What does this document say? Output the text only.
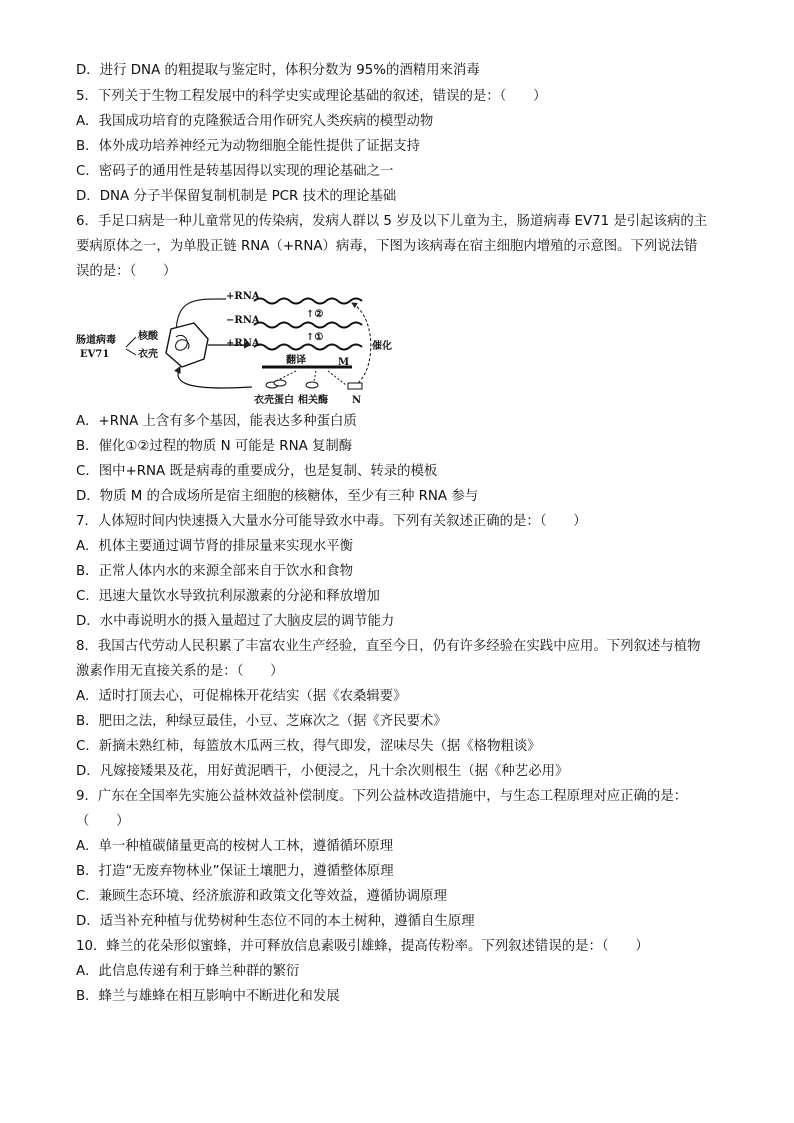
D．进行 DNA 的粗提取与鉴定时，体积分数为 95%的酒精用来消毒
5．下列关于生物工程发展中的科学史实或理论基础的叙述，错误的是：（　　）
A．我国成功培育的克隆猴适合用作研究人类疾病的模型动物
B．体外成功培养神经元为动物细胞全能性提供了证据支持
C．密码子的通用性是转基因得以实现的理论基础之一
D．DNA 分子半保留复制机制是 PCR 技术的理论基础
6．手足口病是一种儿童常见的传染病，发病人群以 5 岁及以下儿童为主，肠道病毒 EV71 是引起该病的主
要病原体之一，为单股正链 RNA（+RNA）病毒，下图为该病毒在宿主细胞内增殖的示意图。下列说法错
误的是：（　　）
+RNA
−RNA
+RNA
↑②
↑①
肠道病毒
EV71
核酸
衣壳
翻译	M
N
催化
衣壳蛋白 相关酶
A．+RNA 上含有多个基因，能表达多种蛋白质
B．催化①②过程的物质 N 可能是 RNA 复制酶
C．图中+RNA 既是病毒的重要成分，也是复制、转录的模板
D．物质 M 的合成场所是宿主细胞的核糖体，至少有三种 RNA 参与
7．人体短时间内快速摄入大量水分可能导致水中毒。下列有关叙述正确的是：（　　）
A．机体主要通过调节肾的排尿量来实现水平衡
B．正常人体内水的来源全部来自于饮水和食物
C．迅速大量饮水导致抗利尿激素的分泌和释放增加
D．水中毒说明水的摄入量超过了大脑皮层的调节能力
8．我国古代劳动人民积累了丰富农业生产经验，直至今日，仍有许多经验在实践中应用。下列叙述与植物
激素作用无直接关系的是：（　　）
A．适时打顶去心，可促棉株开花结实（据《农桑辑要》
B．肥田之法，种绿豆最佳，小豆、芝麻次之（据《齐民要术》
C．新摘未熟红柿，每篮放木瓜两三枚，得气即发，涩味尽失（据《格物粗谈》
D．凡嫁接矮果及花，用好黄泥晒干，小便浸之，凡十余次则根生（据《种艺必用》
9．广东在全国率先实施公益林效益补偿制度。下列公益林改造措施中，与生态工程原理对应正确的是：
（　　）
A．单一种植碳储量更高的桉树人工林，遵循循环原理
B．打造“无废弃物林业”保证土壤肥力，遵循整体原理
C．兼顾生态环境、经济旅游和政策文化等效益，遵循协调原理
D．适当补充种植与优势树种生态位不同的本土树种，遵循自生原理
10．蜂兰的花朵形似蜜蜂，并可释放信息素吸引雄蜂，提高传粉率。下列叙述错误的是：（　　）
A．此信息传递有利于蜂兰种群的繁衍
B．蜂兰与雄蜂在相互影响中不断进化和发展
